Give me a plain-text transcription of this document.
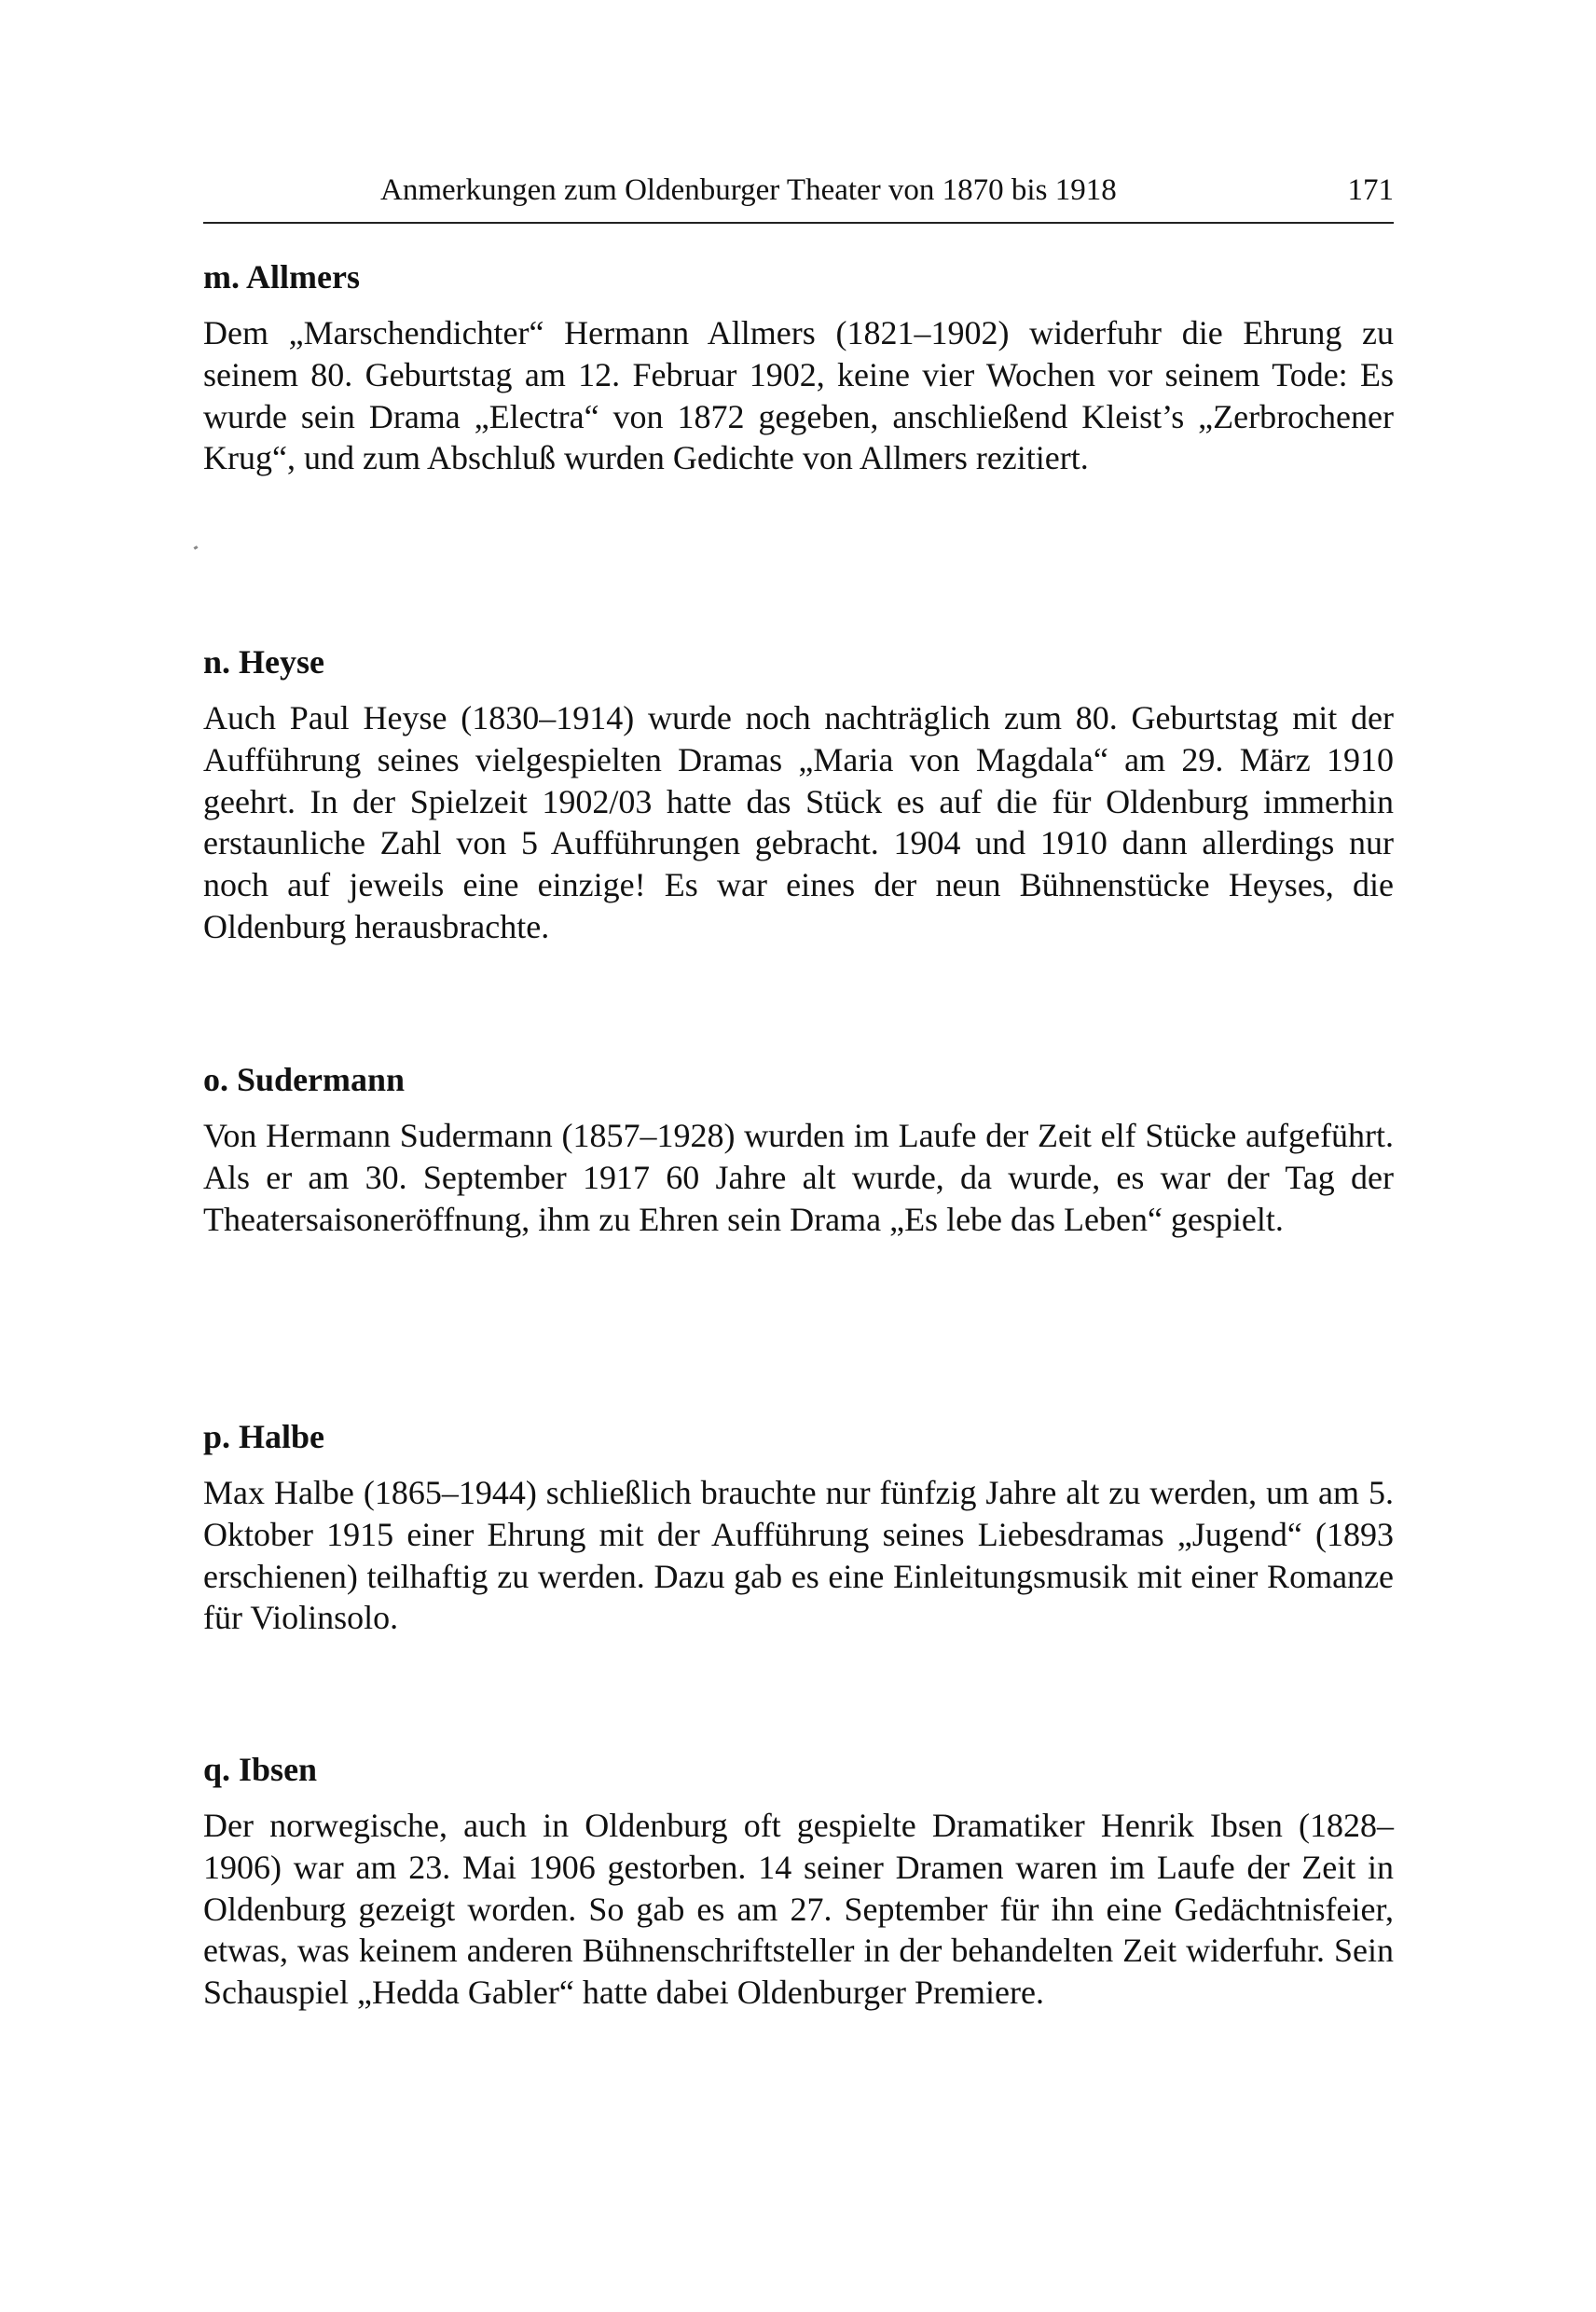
Anmerkungen zum Oldenburger Theater von 1870 bis 1918	171
m. Allmers

Dem „Marschendichter“ Hermann Allmers (1821–1902) widerfuhr die Ehrung zu seinem 80. Geburtstag am 12. Februar 1902, keine vier Wochen vor seinem Tode: Es wurde sein Drama „Electra“ von 1872 gegeben, anschließend Kleist’s „Zerbrochener Krug“, und zum Abschluß wurden Gedichte von Allmers rezitiert.

n. Heyse

Auch Paul Heyse (1830–1914) wurde noch nachträglich zum 80. Geburtstag mit der Aufführung seines vielgespielten Dramas „Maria von Magdala“ am 29. März 1910 geehrt. In der Spielzeit 1902/03 hatte das Stück es auf die für Oldenburg immerhin erstaunliche Zahl von 5 Aufführungen gebracht. 1904 und 1910 dann allerdings nur noch auf jeweils eine einzige! Es war eines der neun Bühnenstücke Heyses, die Oldenburg herausbrachte.

o. Sudermann

Von Hermann Sudermann (1857–1928) wurden im Laufe der Zeit elf Stücke aufgeführt. Als er am 30. September 1917 60 Jahre alt wurde, da wurde, es war der Tag der Theatersaisoneröffnung, ihm zu Ehren sein Drama „Es lebe das Leben“ gespielt.

p. Halbe

Max Halbe (1865–1944) schließlich brauchte nur fünfzig Jahre alt zu werden, um am 5. Oktober 1915 einer Ehrung mit der Aufführung seines Liebesdramas „Jugend“ (1893 erschienen) teilhaftig zu werden. Dazu gab es eine Einleitungsmusik mit einer Romanze für Violinsolo.

q. Ibsen

Der norwegische, auch in Oldenburg oft gespielte Dramatiker Henrik Ibsen (1828–1906) war am 23. Mai 1906 gestorben. 14 seiner Dramen waren im Laufe der Zeit in Oldenburg gezeigt worden. So gab es am 27. September für ihn eine Gedächtnisfeier, etwas, was keinem anderen Bühnenschriftsteller in der behandelten Zeit widerfuhr. Sein Schauspiel „Hedda Gabler“ hatte dabei Oldenburger Premiere.
